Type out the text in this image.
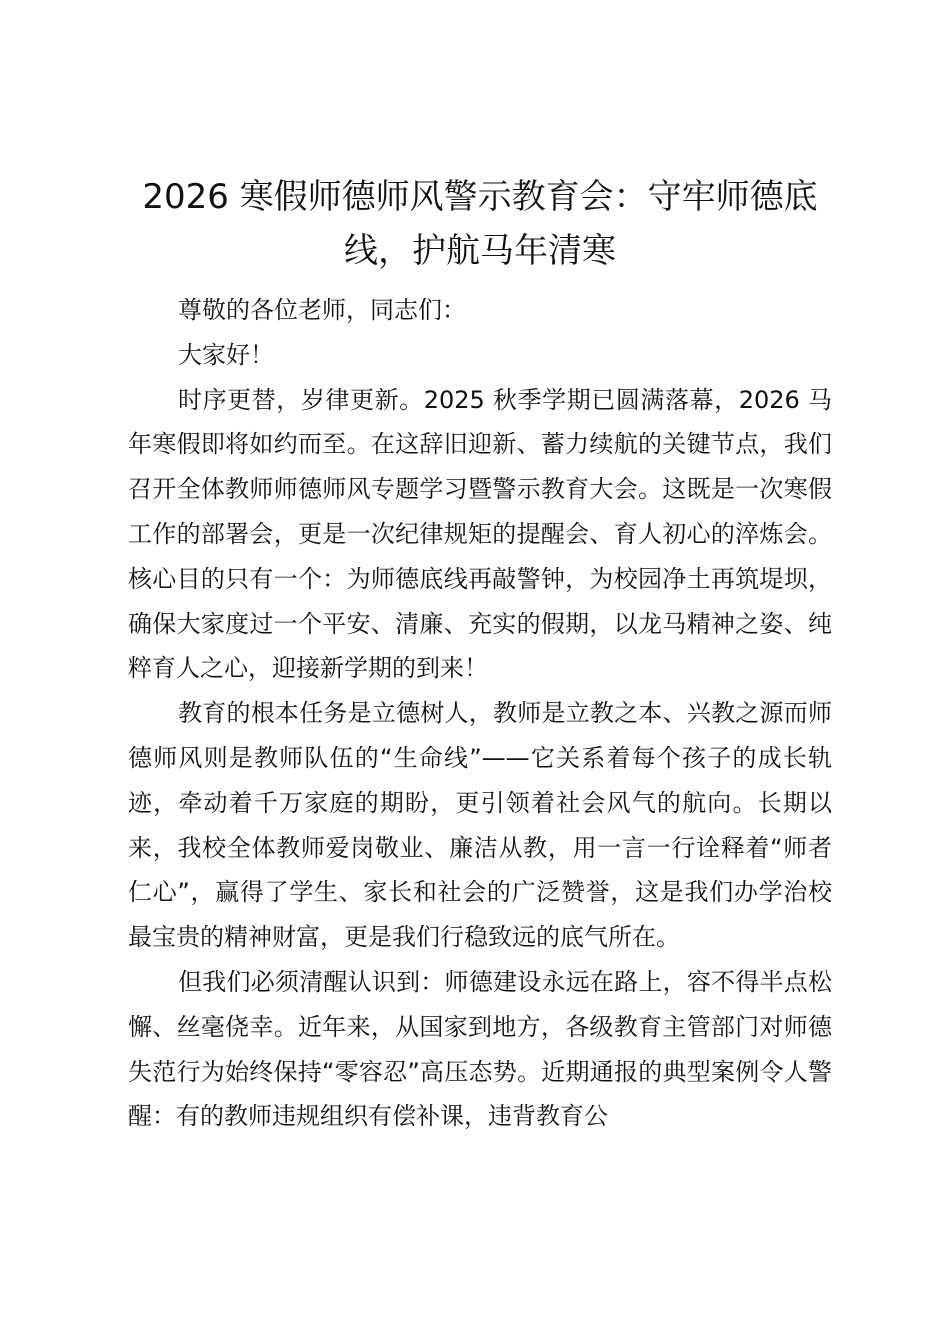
2026 寒假师德师风警示教育会：守牢师德底线，护航马年清寒

尊敬的各位老师，同志们：

大家好！

时序更替，岁律更新。2025 秋季学期已圆满落幕，2026 马年寒假即将如约而至。在这辞旧迎新、蓄力续航的关键节点，我们召开全体教师师德师风专题学习暨警示教育大会。这既是一次寒假工作的部署会，更是一次纪律规矩的提醒会、育人初心的淬炼会。核心目的只有一个：为师德底线再敲警钟，为校园净土再筑堤坝，确保大家度过一个平安、清廉、充实的假期，以龙马精神之姿、纯粹育人之心，迎接新学期的到来！

教育的根本任务是立德树人，教师是立教之本、兴教之源而师德师风则是教师队伍的“生命线”——它关系着每个孩子的成长轨迹，牵动着千万家庭的期盼，更引领着社会风气的航向。长期以来，我校全体教师爱岗敬业、廉洁从教，用一言一行诠释着“师者仁心”，赢得了学生、家长和社会的广泛赞誉，这是我们办学治校最宝贵的精神财富，更是我们行稳致远的底气所在。

但我们必须清醒认识到：师德建设永远在路上，容不得半点松懈、丝毫侥幸。近年来，从国家到地方，各级教育主管部门对师德失范行为始终保持“零容忍”高压态势。近期通报的典型案例令人警醒：有的教师违规组织有偿补课，违背教育公
